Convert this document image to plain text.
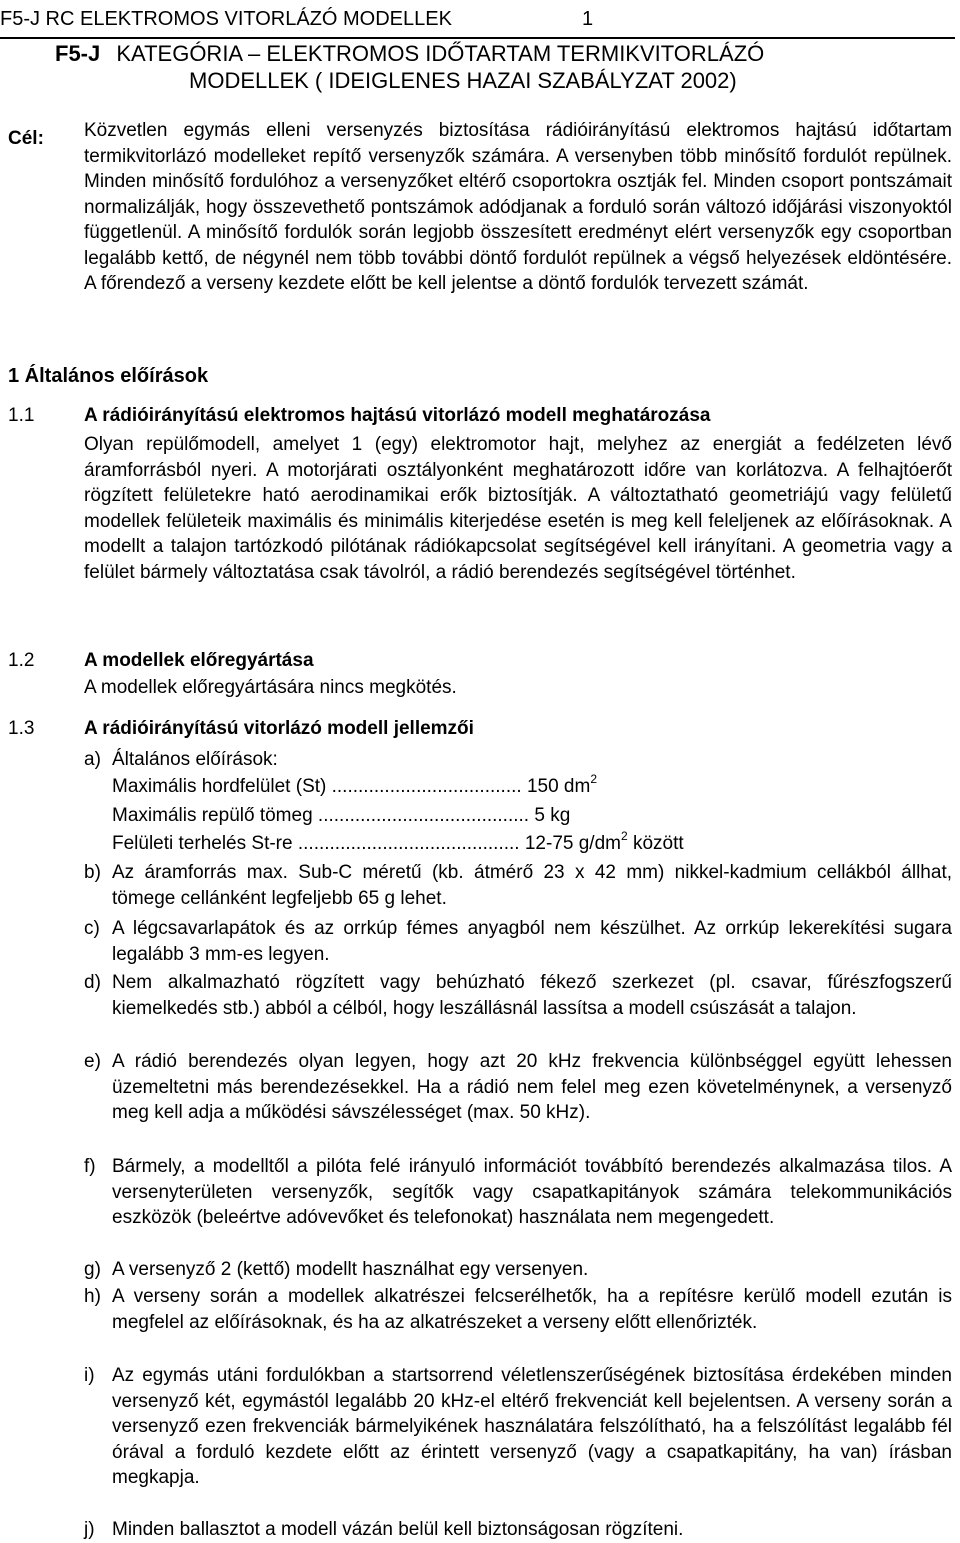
F5-J RC ELEKTROMOS VITORLÁZÓ MODELLEK	1
F5-J KATEGÓRIA – ELEKTROMOS IDŐTARTAM TERMIKVITORLÁZÓ
MODELLEK ( IDEIGLENES HAZAI SZABÁLYZAT 2002)
Cél: Közvetlen egymás elleni versenyzés biztosítása rádióirányítású elektromos hajtású időtartam termikvitorlázó modelleket repítő versenyzők számára. A versenyben több minősítő fordulót repülnek. Minden minősítő fordulóhoz a versenyzőket eltérő csoportokra osztják fel. Minden csoport pontszámait normalizálják, hogy összevethető pontszámok adódjanak a forduló során változó időjárási viszonyoktól függetlenül. A minősítő fordulók során legjobb összesített eredményt elért versenyzők egy csoportban legalább kettő, de négynél nem több további döntő fordulót repülnek a végső helyezések eldöntésére. A főrendező a verseny kezdete előtt be kell jelentse a döntő fordulók tervezett számát.

1 Általános előírások
1.1	A rádióirányítású elektromos hajtású vitorlázó modell meghatározása
Olyan repülőmodell, amelyet 1 (egy) elektromotor hajt, melyhez az energiát a fedélzeten lévő áramforrásból nyeri. A motorjárati osztályonként meghatározott időre van korlátozva. A felhajtóerőt rögzített felületekre ható aerodinamikai erők biztosítják. A változtatható geometriájú vagy felületű modellek felületeik maximális és minimális kiterjedése esetén is meg kell feleljenek az előírásoknak. A modellt a talajon tartózkodó pilótának rádiókapcsolat segítségével kell irányítani. A geometria vagy a felület bármely változtatása csak távolról, a rádió berendezés segítségével történhet.
1.2	A modellek előregyártása
A modellek előregyártására nincs megkötés.
1.3	A rádióirányítású vitorlázó modell jellemzői
a) Általános előírások:
Maximális hordfelület (St) .................................... 150 $dm^2$
Maximális repülő tömeg ........................................ 5 kg
Felületi terhelés St-re .......................................... 12-75 $g/dm^2$ között
b) Az áramforrás max. Sub-C méretű (kb. átmérő 23 x 42 mm) nikkel-kadmium cellákból állhat, tömege cellánként legfeljebb 65 g lehet.
c) A légcsavarlapátok és az orrkúp fémes anyagból nem készülhet. Az orrkúp lekerekítési sugara legalább 3 mm-es legyen.
d) Nem alkalmazható rögzített vagy behúzható fékező szerkezet (pl. csavar, fűrészfogszerű kiemelkedés stb.) abból a célból, hogy leszállásnál lassítsa a modell csúszását a talajon.
e) A rádió berendezés olyan legyen, hogy azt 20 kHz frekvencia különbséggel együtt lehessen üzemeltetni más berendezésekkel. Ha a rádió nem felel meg ezen követelménynek, a versenyző meg kell adja a működési sávszélességet (max. 50 kHz).
f) Bármely, a modelltől a pilóta felé irányuló információt továbbító berendezés alkalmazása tilos. A versenyterületen versenyzők, segítők vagy csapatkapitányok számára telekommunikációs eszközök (beleértve adóvevőket és telefonokat) használata nem megengedett.
g) A versenyző 2 (kettő) modellt használhat egy versenyen.
h) A verseny során a modellek alkatrészei felcserélhetők, ha a repítésre kerülő modell ezután is megfelel az előírásoknak, és ha az alkatrészeket a verseny előtt ellenőrizték.
i) Az egymás utáni fordulókban a startsorrend véletlenszerűségének biztosítása érdekében minden versenyző két, egymástól legalább 20 kHz-el eltérő frekvenciát kell bejelentsen. A verseny során a versenyző ezen frekvenciák bármelyikének használatára felszólítható, ha a felszólítást legalább fél órával a forduló kezdete előtt az érintett versenyző (vagy a csapatkapitány, ha van) írásban megkapja.
j) Minden ballasztot a modell vázán belül kell biztonságosan rögzíteni.
